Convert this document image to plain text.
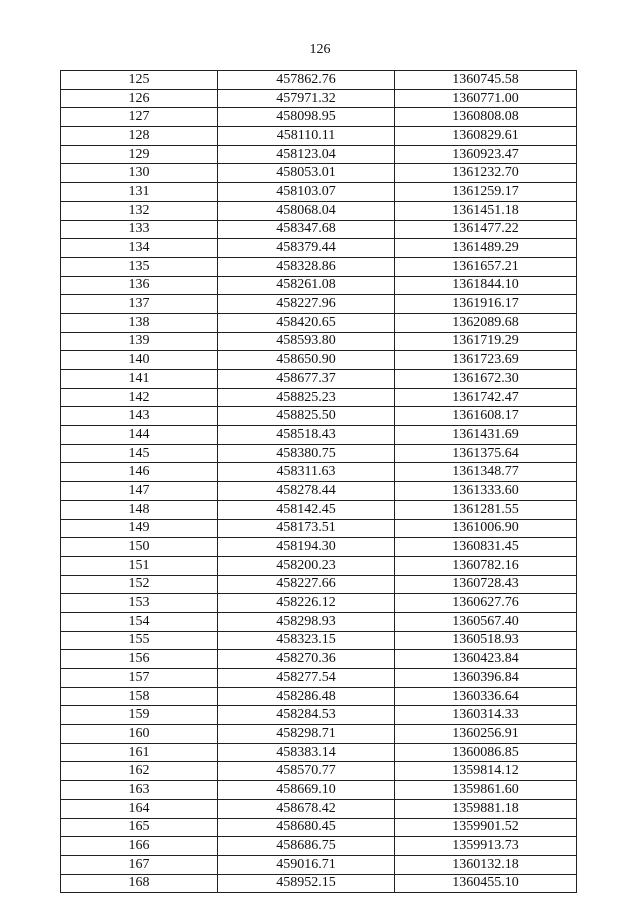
126
125	457862.76	1360745.58
126	457971.32	1360771.00
127	458098.95	1360808.08
128	458110.11	1360829.61
129	458123.04	1360923.47
130	458053.01	1361232.70
131	458103.07	1361259.17
132	458068.04	1361451.18
133	458347.68	1361477.22
134	458379.44	1361489.29
135	458328.86	1361657.21
136	458261.08	1361844.10
137	458227.96	1361916.17
138	458420.65	1362089.68
139	458593.80	1361719.29
140	458650.90	1361723.69
141	458677.37	1361672.30
142	458825.23	1361742.47
143	458825.50	1361608.17
144	458518.43	1361431.69
145	458380.75	1361375.64
146	458311.63	1361348.77
147	458278.44	1361333.60
148	458142.45	1361281.55
149	458173.51	1361006.90
150	458194.30	1360831.45
151	458200.23	1360782.16
152	458227.66	1360728.43
153	458226.12	1360627.76
154	458298.93	1360567.40
155	458323.15	1360518.93
156	458270.36	1360423.84
157	458277.54	1360396.84
158	458286.48	1360336.64
159	458284.53	1360314.33
160	458298.71	1360256.91
161	458383.14	1360086.85
162	458570.77	1359814.12
163	458669.10	1359861.60
164	458678.42	1359881.18
165	458680.45	1359901.52
166	458686.75	1359913.73
167	459016.71	1360132.18
168	458952.15	1360455.10
